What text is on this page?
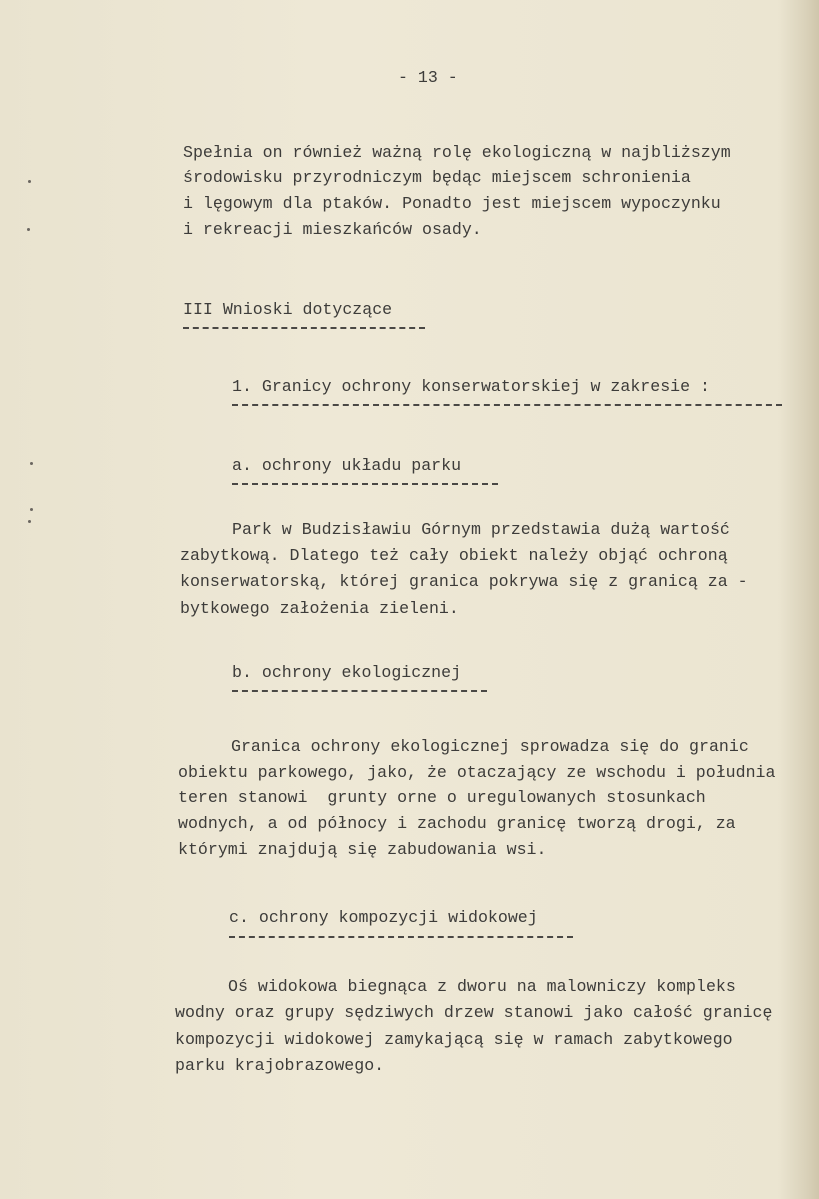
- 13 -
Spełnia on również ważną rolę ekologiczną w najbliższym
środowisku przyrodniczym będąc miejscem schronienia
i lęgowym dla ptaków. Ponadto jest miejscem wypoczynku
i rekreacji mieszkańców osady.
III Wnioski dotyczące
1. Granicy ochrony konserwatorskiej w zakresie :
a. ochrony układu parku
Park w Budzisławiu Górnym przedstawia dużą wartość
zabytkową. Dlatego też cały obiekt należy objąć ochroną
konserwatorską, której granica pokrywa się z granicą za -
bytkowego założenia zieleni.
b. ochrony ekologicznej
Granica ochrony ekologicznej sprowadza się do granic
obiektu parkowego, jako, że otaczający ze wschodu i południa
teren stanowi  grunty orne o uregulowanych stosunkach
wodnych, a od północy i zachodu granicę tworzą drogi, za
którymi znajdują się zabudowania wsi.
c. ochrony kompozycji widokowej
Oś widokowa biegnąca z dworu na malowniczy kompleks
wodny oraz grupy sędziwych drzew stanowi jako całość granicę
kompozycji widokowej zamykającą się w ramach zabytkowego
parku krajobrazowego.
